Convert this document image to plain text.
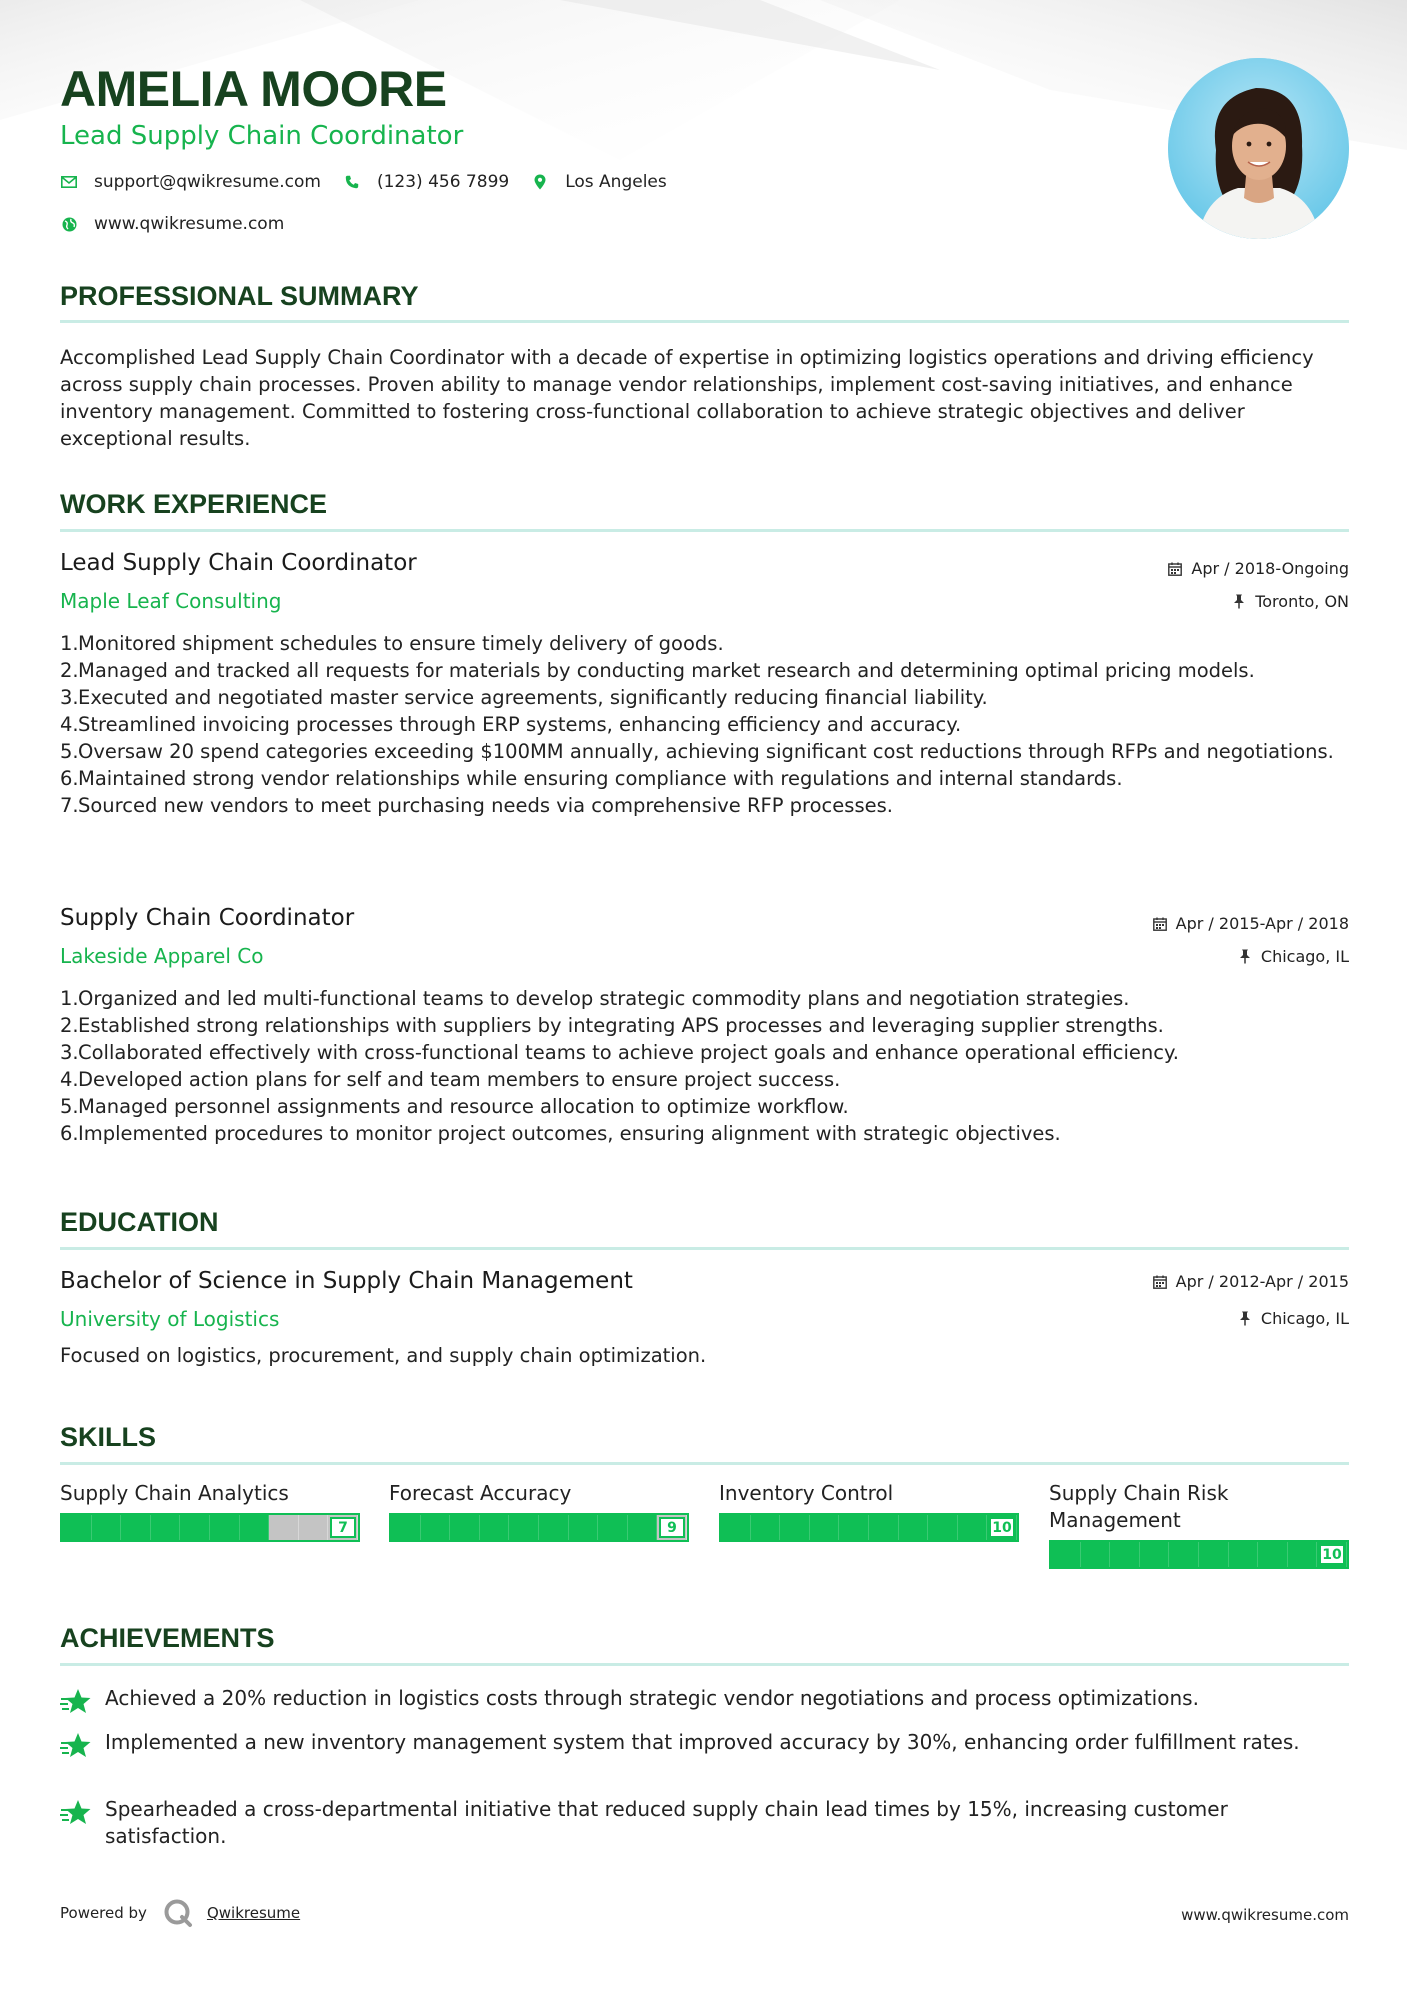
AMELIA MOORE
Lead Supply Chain Coordinator
support@qwikresume.com	(123) 456 7899	Los Angeles
www.qwikresume.com
PROFESSIONAL SUMMARY
Accomplished Lead Supply Chain Coordinator with a decade of expertise in optimizing logistics operations and driving efficiency across supply chain processes. Proven ability to manage vendor relationships, implement cost-saving initiatives, and enhance inventory management. Committed to fostering cross-functional collaboration to achieve strategic objectives and deliver exceptional results.
WORK EXPERIENCE
Lead Supply Chain Coordinator
Maple Leaf Consulting
Apr / 2018-Ongoing
Toronto, ON
1. Monitored shipment schedules to ensure timely delivery of goods.
2. Managed and tracked all requests for materials by conducting market research and determining optimal pricing models.
3. Executed and negotiated master service agreements, significantly reducing financial liability.
4. Streamlined invoicing processes through ERP systems, enhancing efficiency and accuracy.
5. Oversaw 20 spend categories exceeding $100MM annually, achieving significant cost reductions through RFPs and negotiations.
6. Maintained strong vendor relationships while ensuring compliance with regulations and internal standards.
7. Sourced new vendors to meet purchasing needs via comprehensive RFP processes.
Supply Chain Coordinator
Lakeside Apparel Co
Apr / 2015-Apr / 2018
Chicago, IL
1. Organized and led multi-functional teams to develop strategic commodity plans and negotiation strategies.
2. Established strong relationships with suppliers by integrating APS processes and leveraging supplier strengths.
3. Collaborated effectively with cross-functional teams to achieve project goals and enhance operational efficiency.
4. Developed action plans for self and team members to ensure project success.
5. Managed personnel assignments and resource allocation to optimize workflow.
6. Implemented procedures to monitor project outcomes, ensuring alignment with strategic objectives.
EDUCATION
Bachelor of Science in Supply Chain Management
University of Logistics
Apr / 2012-Apr / 2015
Chicago, IL
Focused on logistics, procurement, and supply chain optimization.
SKILLS
Supply Chain Analytics
7
Forecast Accuracy
9
Inventory Control
10
Supply Chain Risk Management
10
ACHIEVEMENTS
Achieved a 20% reduction in logistics costs through strategic vendor negotiations and process optimizations.
Implemented a new inventory management system that improved accuracy by 30%, enhancing order fulfillment rates.
Spearheaded a cross-departmental initiative that reduced supply chain lead times by 15%, increasing customer satisfaction.
Powered by	Qwikresume	www.qwikresume.com
